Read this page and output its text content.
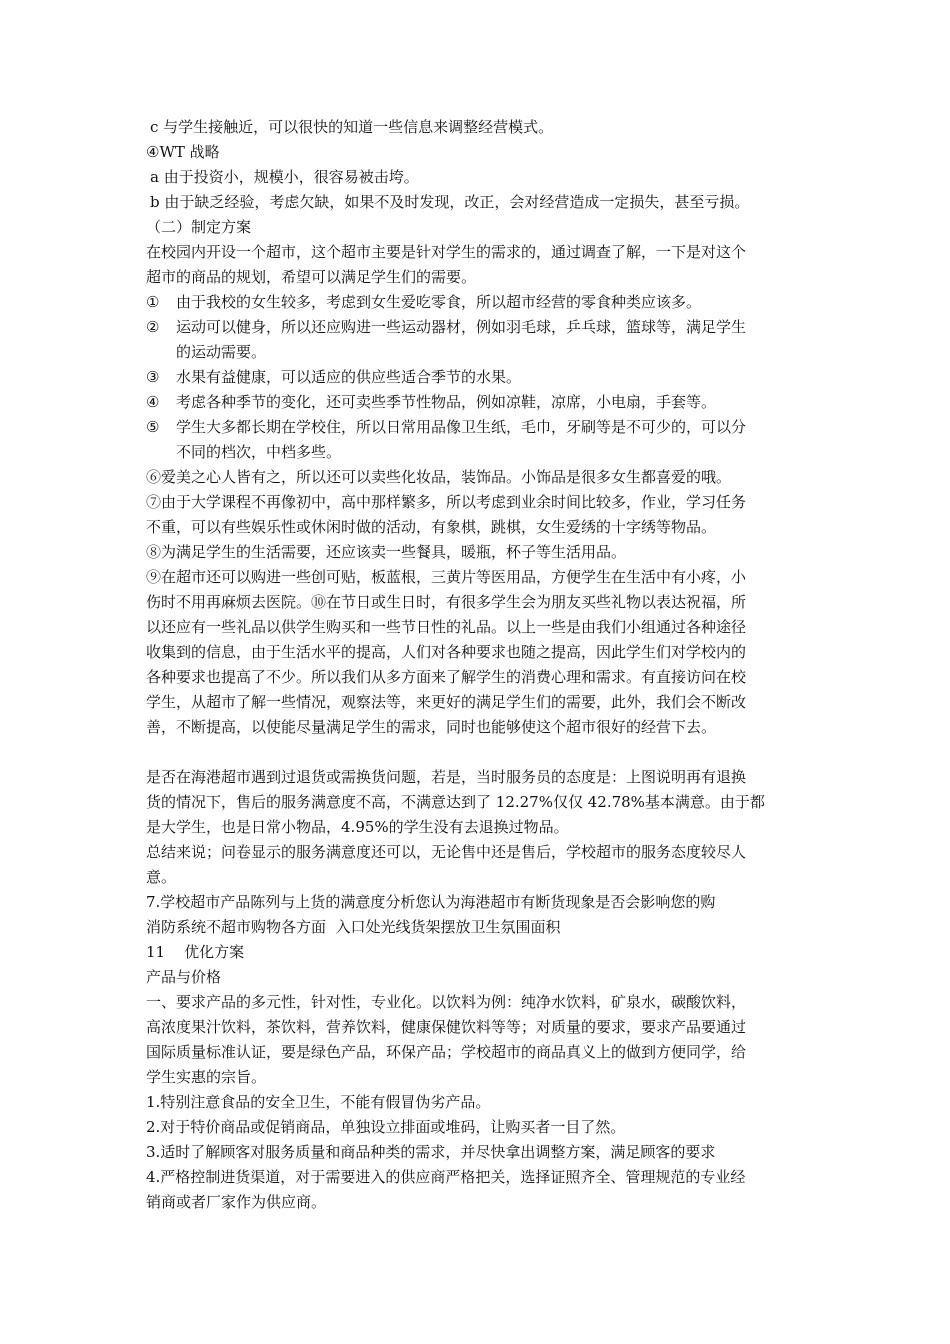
c 与学生接触近，可以很快的知道一些信息来调整经营模式。
④WT 战略
a 由于投资小，规模小，很容易被击垮。
b 由于缺乏经验，考虑欠缺，如果不及时发现，改正，会对经营造成一定损失，甚至亏损。
（二）制定方案
在校园内开设一个超市，这个超市主要是针对学生的需求的，通过调查了解，一下是对这个
超市的商品的规划，希望可以满足学生们的需要。
① 由于我校的女生较多，考虑到女生爱吃零食，所以超市经营的零食种类应该多。
② 运动可以健身，所以还应购进一些运动器材，例如羽毛球，乒乓球，篮球等，满足学生
的运动需要。
③ 水果有益健康，可以适应的供应些适合季节的水果。
④ 考虑各种季节的变化，还可卖些季节性物品，例如凉鞋，凉席，小电扇，手套等。
⑤ 学生大多都长期在学校住，所以日常用品像卫生纸，毛巾，牙刷等是不可少的，可以分
不同的档次，中档多些。
⑥爱美之心人皆有之，所以还可以卖些化妆品，装饰品。小饰品是很多女生都喜爱的哦。
⑦由于大学课程不再像初中，高中那样繁多，所以考虑到业余时间比较多，作业，学习任务
不重，可以有些娱乐性或休闲时做的活动，有象棋，跳棋，女生爱绣的十字绣等物品。
⑧为满足学生的生活需要，还应该卖一些餐具，暖瓶，杯子等生活用品。
⑨在超市还可以购进一些创可贴，板蓝根，三黄片等医用品，方便学生在生活中有小疼，小
伤时不用再麻烦去医院。⑩在节日或生日时，有很多学生会为朋友买些礼物以表达祝福，所
以还应有一些礼品以供学生购买和一些节日性的礼品。以上一些是由我们小组通过各种途径
收集到的信息，由于生活水平的提高，人们对各种要求也随之提高，因此学生们对学校内的
各种要求也提高了不少。所以我们从多方面来了解学生的消费心理和需求。有直接访问在校
学生，从超市了解一些情况，观察法等，来更好的满足学生们的需要，此外，我们会不断改
善，不断提高，以使能尽量满足学生的需求，同时也能够使这个超市很好的经营下去。
是否在海港超市遇到过退货或需换货问题，若是，当时服务员的态度是：上图说明再有退换
货的情况下，售后的服务满意度不高，不满意达到了 12.27%仅仅 42.78%基本满意。由于都
是大学生，也是日常小物品，4.95%的学生没有去退换过物品。
总结来说；问卷显示的服务满意度还可以，无论售中还是售后，学校超市的服务态度较尽人
意。
7.学校超市产品陈列与上货的满意度分析您认为海港超市有断货现象是否会影响您的购
消防系统不超市购物各方面  入口处光线货架摆放卫生氛围面积
11    优化方案
产品与价格
一、要求产品的多元性，针对性，专业化。以饮料为例：纯净水饮料，矿泉水，碳酸饮料，
高浓度果汁饮料，茶饮料，营养饮料，健康保健饮料等等；对质量的要求，要求产品要通过
国际质量标准认证，要是绿色产品，环保产品；学校超市的商品真义上的做到方便同学，给
学生实惠的宗旨。
1.特别注意食品的安全卫生，不能有假冒伪劣产品。
2.对于特价商品或促销商品，单独设立排面或堆码，让购买者一目了然。
3.适时了解顾客对服务质量和商品种类的需求，并尽快拿出调整方案，满足顾客的要求
4.严格控制进货渠道，对于需要进入的供应商严格把关，选择证照齐全、管理规范的专业经
销商或者厂家作为供应商。
